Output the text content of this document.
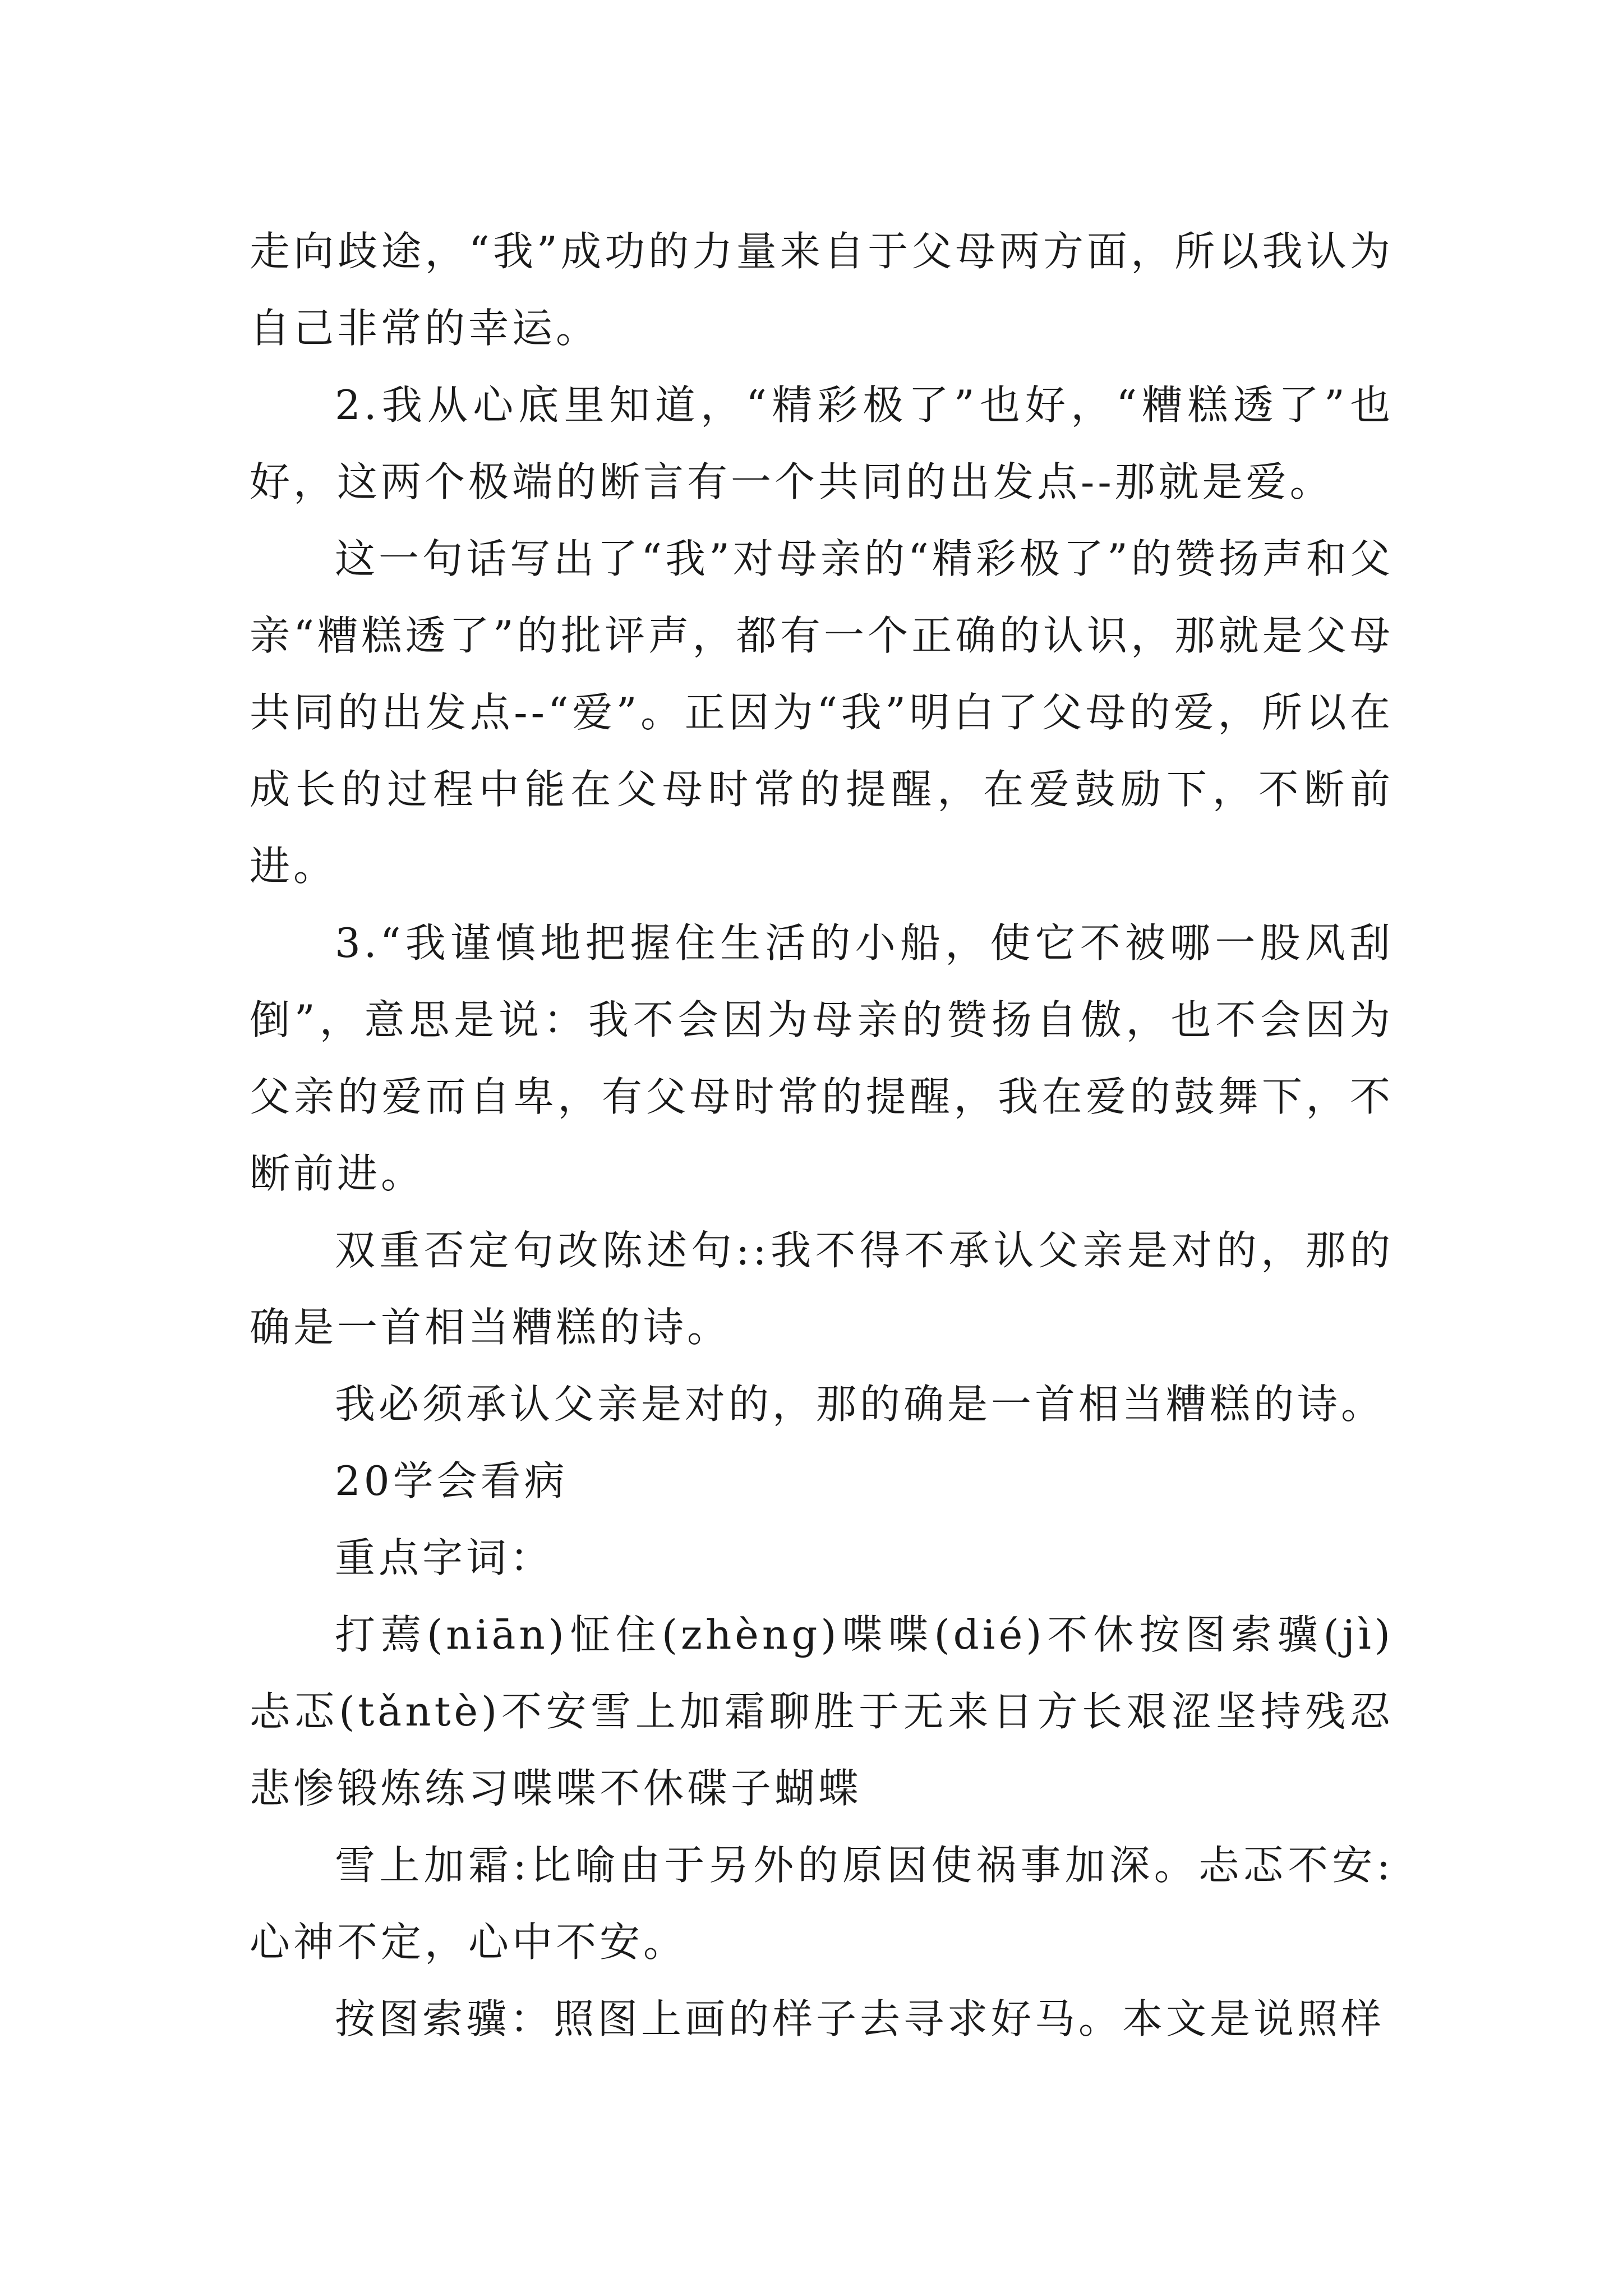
走向歧途，“我”成功的力量来自于父母两方面，所以我认为自己非常的幸运。

2.我从心底里知道，“精彩极了”也好，“糟糕透了”也好，这两个极端的断言有一个共同的出发点--那就是爱。

这一句话写出了“我”对母亲的“精彩极了”的赞扬声和父亲“糟糕透了”的批评声，都有一个正确的认识，那就是父母共同的出发点--“爱”。正因为“我”明白了父母的爱，所以在成长的过程中能在父母时常的提醒，在爱鼓励下，不断前进。

3.“我谨慎地把握住生活的小船，使它不被哪一股风刮倒”，意思是说：我不会因为母亲的赞扬自傲，也不会因为父亲的爱而自卑，有父母时常的提醒，我在爱的鼓舞下，不断前进。

双重否定句改陈述句::我不得不承认父亲是对的，那的确是一首相当糟糕的诗。

我必须承认父亲是对的，那的确是一首相当糟糕的诗。

20学会看病

重点字词：

打蔫(niān)怔住(zhèng)喋喋(dié)不休按图索骥(jì)忐忑(tǎntè)不安雪上加霜聊胜于无来日方长艰涩坚持残忍悲惨锻炼练习喋喋不休碟子蝴蝶

雪上加霜:比喻由于另外的原因使祸事加深。忐忑不安:心神不定，心中不安。

按图索骥：照图上画的样子去寻求好马。本文是说照样
